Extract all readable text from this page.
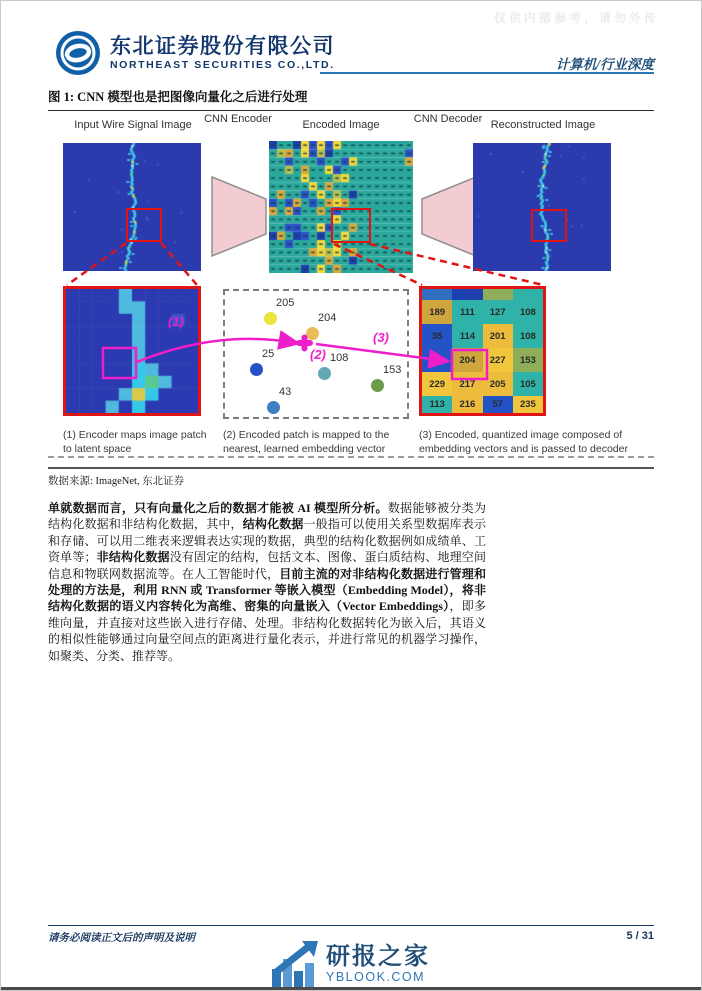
仅供内部参考，请勿外传
东北证券股份有限公司
NORTHEAST SECURITIES CO.,LTD.	计算机/行业深度
图 1: CNN 模型也是把图像向量化之后进行处理
Input Wire Signal Image	CNN Encoder	Encoded Image	CNN Decoder Reconstructed Image
205
204
25	108
153
43
189	111	127	108
35	114	201	108
43	204	227	153
229	217	205	105
113	216	57	235
(1) Encoder maps image patch to latent space
(2) Encoded patch is mapped to the nearest, learned embedding vector
(3) Encoded, quantized image composed of embedding vectors and is passed to decoder
(1)
(2)
(3)
数据来源: ImageNet, 东北证券
单就数据而言，只有向量化之后的数据才能被 AI 模型所分析。数据能够被分类为结构化数据和非结构化数据，其中，结构化数据一般指可以使用关系型数据库表示和存储、可以用二维表来逻辑表达实现的数据，典型的结构化数据例如成绩单、工资单等；非结构化数据没有固定的结构，包括文本、图像、蛋白质结构、地理空间信息和物联网数据流等。在人工智能时代，目前主流的对非结构化数据进行管理和处理的方法是，利用 RNN 或 Transformer 等嵌入模型（Embedding Model），将非结构化数据的语义内容转化为高维、密集的向量嵌入（Vector Embeddings），即多维向量，并直接对这些嵌入进行存储、处理。非结构化数据转化为嵌入后，其语义的相似性能够通过向量空间点的距离进行量化表示，并进行常见的机器学习操作，如聚类、分类、推荐等。
请务必阅读正文后的声明及说明	5 / 31
研报之家
YBLOOK.COM
